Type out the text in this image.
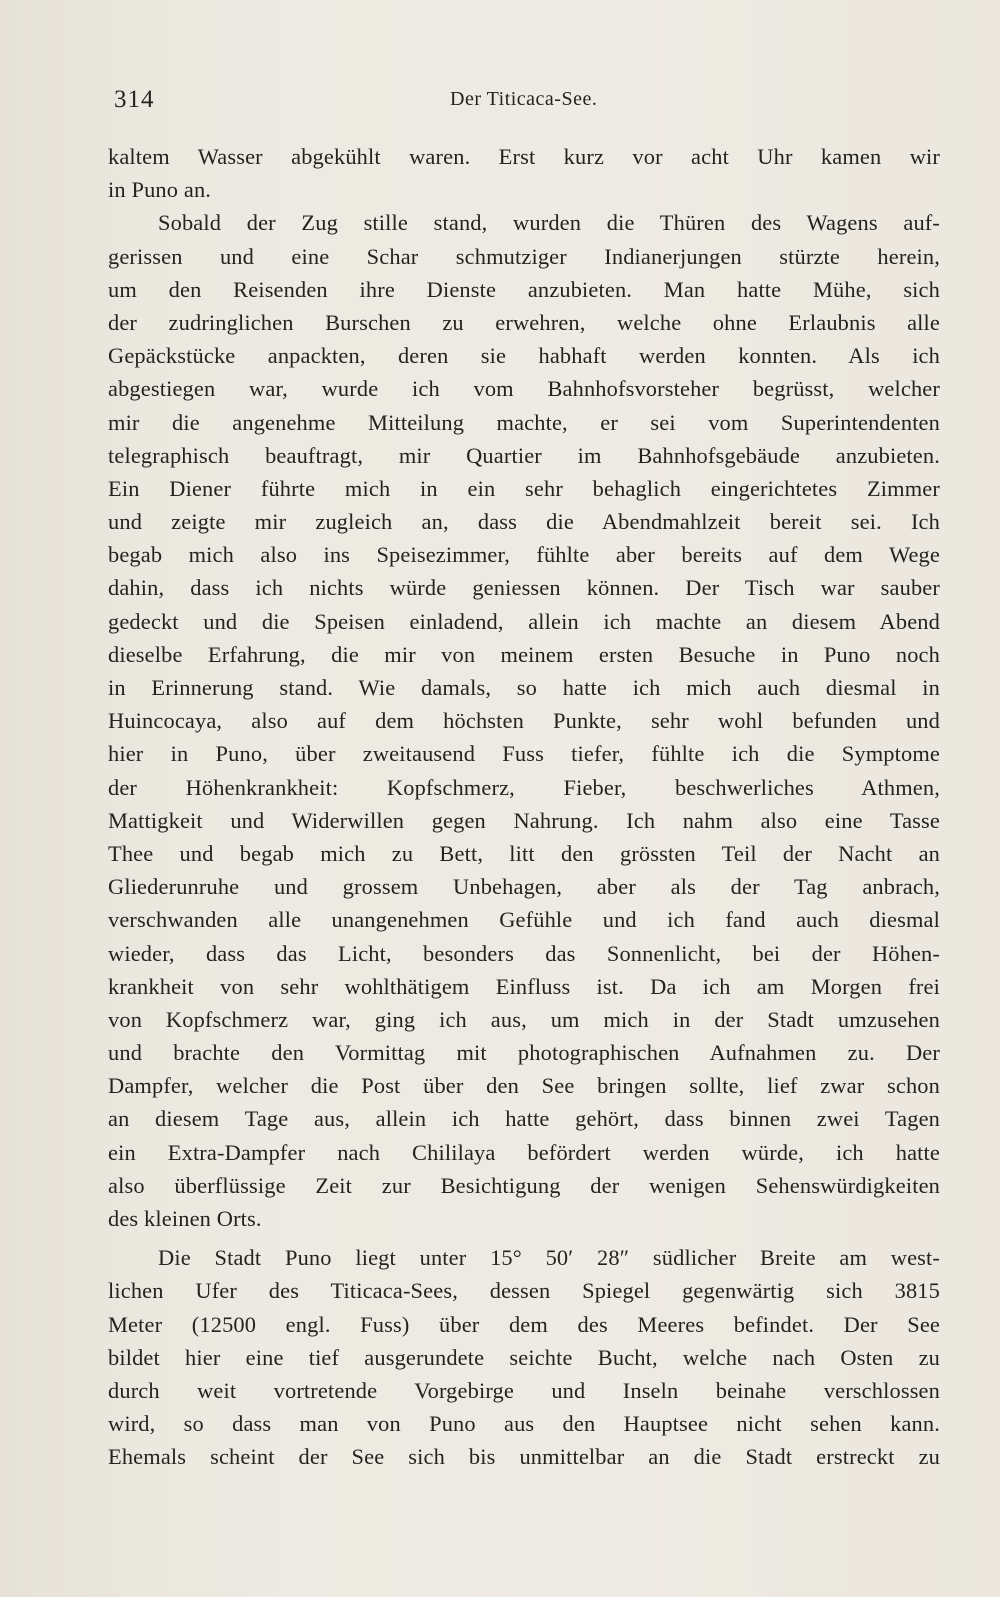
314	Der Titicaca-See.
kaltem Wasser abgekühlt waren. Erst kurz vor acht Uhr kamen wir
in Puno an.
Sobald der Zug stille stand, wurden die Thüren des Wagens auf-
gerissen und eine Schar schmutziger Indianerjungen stürzte herein,
um den Reisenden ihre Dienste anzubieten. Man hatte Mühe, sich
der zudringlichen Burschen zu erwehren, welche ohne Erlaubnis alle
Gepäckstücke anpackten, deren sie habhaft werden konnten. Als ich
abgestiegen war, wurde ich vom Bahnhofsvorsteher begrüsst, welcher
mir die angenehme Mitteilung machte, er sei vom Superintendenten
telegraphisch beauftragt, mir Quartier im Bahnhofsgebäude anzubieten.
Ein Diener führte mich in ein sehr behaglich eingerichtetes Zimmer
und zeigte mir zugleich an, dass die Abendmahlzeit bereit sei. Ich
begab mich also ins Speisezimmer, fühlte aber bereits auf dem Wege
dahin, dass ich nichts würde geniessen können. Der Tisch war sauber
gedeckt und die Speisen einladend, allein ich machte an diesem Abend
dieselbe Erfahrung, die mir von meinem ersten Besuche in Puno noch
in Erinnerung stand. Wie damals, so hatte ich mich auch diesmal in
Huincocaya, also auf dem höchsten Punkte, sehr wohl befunden und
hier in Puno, über zweitausend Fuss tiefer, fühlte ich die Symptome
der Höhenkrankheit: Kopfschmerz, Fieber, beschwerliches Athmen,
Mattigkeit und Widerwillen gegen Nahrung. Ich nahm also eine Tasse
Thee und begab mich zu Bett, litt den grössten Teil der Nacht an
Gliederunruhe und grossem Unbehagen, aber als der Tag anbrach,
verschwanden alle unangenehmen Gefühle und ich fand auch diesmal
wieder, dass das Licht, besonders das Sonnenlicht, bei der Höhen-
krankheit von sehr wohlthätigem Einfluss ist. Da ich am Morgen frei
von Kopfschmerz war, ging ich aus, um mich in der Stadt umzusehen
und brachte den Vormittag mit photographischen Aufnahmen zu. Der
Dampfer, welcher die Post über den See bringen sollte, lief zwar schon
an diesem Tage aus, allein ich hatte gehört, dass binnen zwei Tagen
ein Extra-Dampfer nach Chililaya befördert werden würde, ich hatte
also überflüssige Zeit zur Besichtigung der wenigen Sehenswürdigkeiten
des kleinen Orts.
Die Stadt Puno liegt unter 15° 50′ 28″ südlicher Breite am west-
lichen Ufer des Titicaca-Sees, dessen Spiegel gegenwärtig sich 3815
Meter (12500 engl. Fuss) über dem des Meeres befindet. Der See
bildet hier eine tief ausgerundete seichte Bucht, welche nach Osten zu
durch weit vortretende Vorgebirge und Inseln beinahe verschlossen
wird, so dass man von Puno aus den Hauptsee nicht sehen kann.
Ehemals scheint der See sich bis unmittelbar an die Stadt erstreckt zu
